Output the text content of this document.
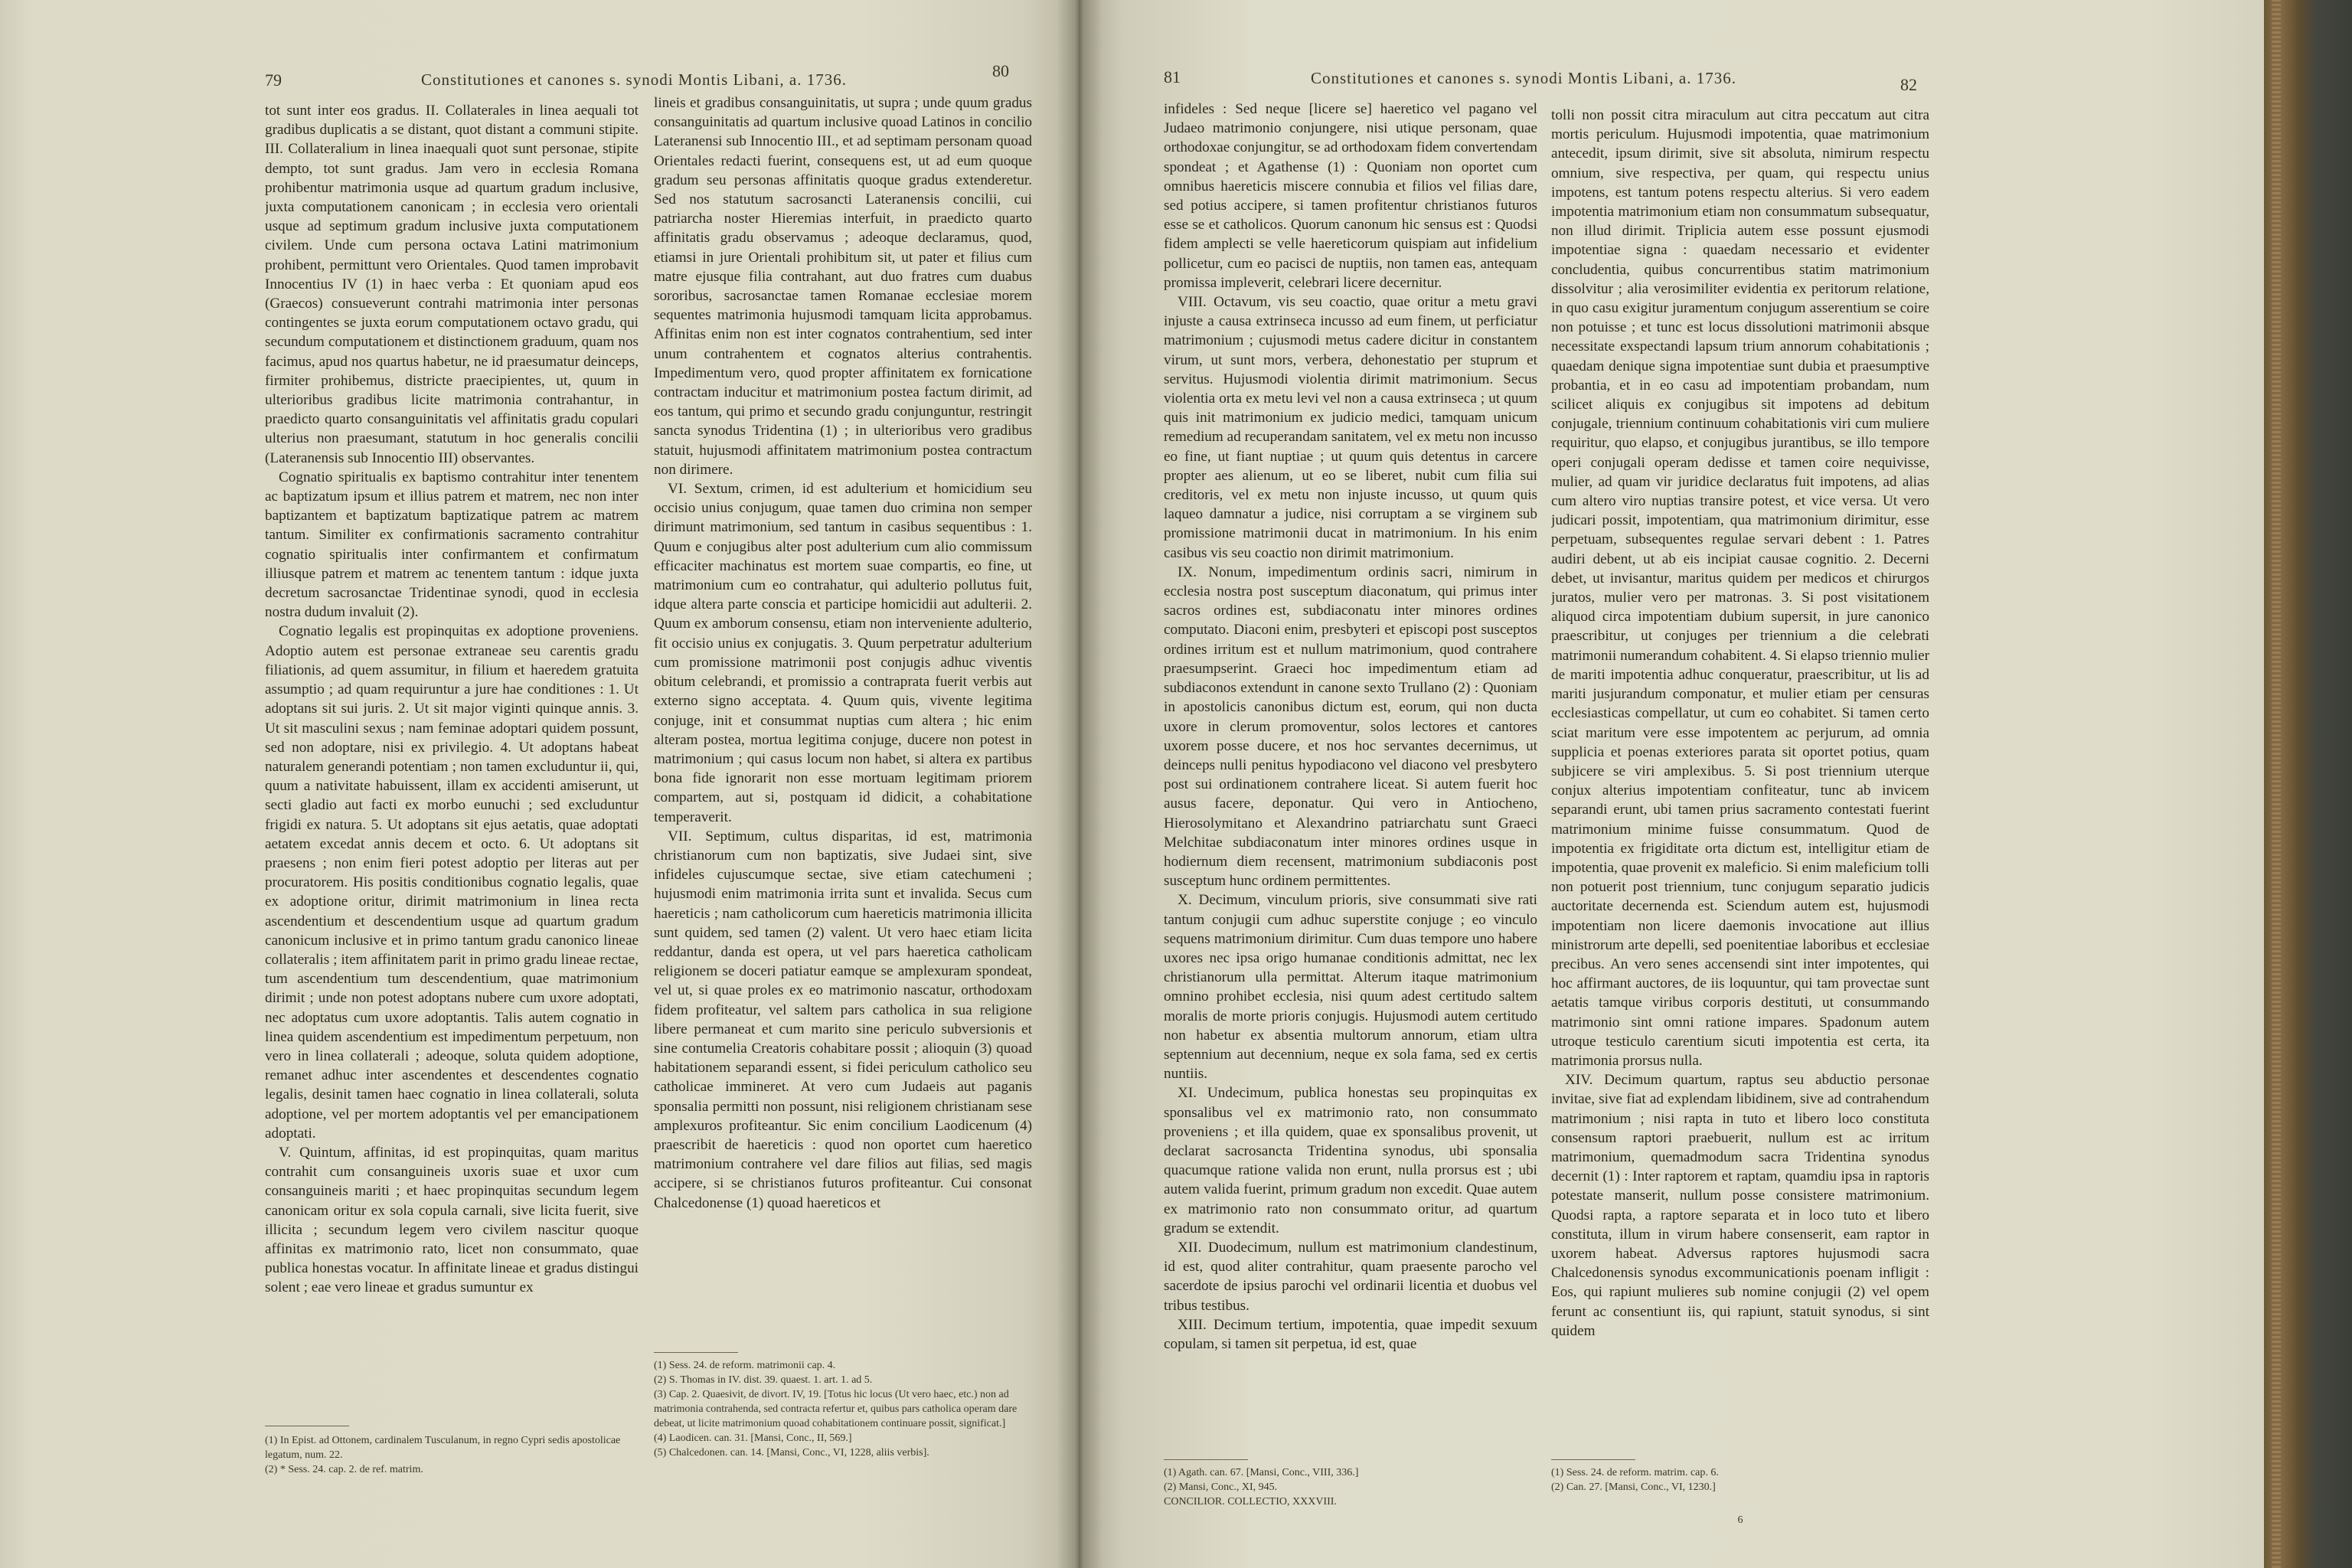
79	Constitutiones et canones s. synodi Montis Libani, a. 1736.	80

tot sunt inter eos gradus. II. Collaterales in linea aequali tot gradibus duplicatis a se distant, quot distant a communi stipite. III. Collateralium in linea inaequali quot sunt personae, stipite dempto, tot sunt gradus. Jam vero in ecclesia Romana prohibentur matrimonia usque ad quartum gradum inclusive, juxta computationem canonicam ; in ecclesia vero orientali usque ad septimum gradum inclusive juxta computationem civilem. Unde cum persona octava Latini matrimonium prohibent, permittunt vero Orientales. Quod tamen improbavit Innocentius IV (1) in haec verba : Et quoniam apud eos (Graecos) consueverunt contrahi matrimonia inter personas contingentes se juxta eorum computationem octavo gradu, qui secundum computationem et distinctionem graduum, quam nos facimus, apud nos quartus habetur, ne id praesumatur deinceps, firmiter prohibemus, districte praecipientes, ut, quum in ulterioribus gradibus licite matrimonia contrahantur, in praedicto quarto consanguinitatis vel affinitatis gradu copulari ulterius non praesumant, statutum in hoc generalis concilii (Lateranensis sub Innocentio III) observantes.

Cognatio spiritualis ex baptismo contrahitur inter tenentem ac baptizatum ipsum et illius patrem et matrem, nec non inter baptizantem et baptizatum baptizatique patrem ac matrem tantum. Similiter ex confirmationis sacramento contrahitur cognatio spiritualis inter confirmantem et confirmatum illiusque patrem et matrem ac tenentem tantum : idque juxta decretum sacrosanctae Tridentinae synodi, quod in ecclesia nostra dudum invaluit (2).

Cognatio legalis est propinquitas ex adoptione proveniens. Adoptio autem est personae extraneae seu carentis gradu filiationis, ad quem assumitur, in filium et haeredem gratuita assumptio ; ad quam requiruntur a jure hae conditiones : 1. Ut adoptans sit sui juris. 2. Ut sit major viginti quinque annis. 3. Ut sit masculini sexus ; nam feminae adoptari quidem possunt, sed non adoptare, nisi ex privilegio. 4. Ut adoptans habeat naturalem generandi potentiam ; non tamen excluduntur ii, qui, quum a nativitate habuissent, illam ex accidenti amiserunt, ut secti gladio aut facti ex morbo eunuchi ; sed excluduntur frigidi ex natura. 5. Ut adoptans sit ejus aetatis, quae adoptati aetatem excedat annis decem et octo. 6. Ut adoptans sit praesens ; non enim fieri potest adoptio per literas aut per procuratorem. His positis conditionibus cognatio legalis, quae ex adoptione oritur, dirimit matrimonium in linea recta ascendentium et descendentium usque ad quartum gradum canonicum inclusive et in primo tantum gradu canonico lineae collateralis ; item affinitatem parit in primo gradu lineae rectae, tum ascendentium tum descendentium, quae matrimonium dirimit ; unde non potest adoptans nubere cum uxore adoptati, nec adoptatus cum uxore adoptantis. Talis autem cognatio in linea quidem ascendentium est impedimentum perpetuum, non vero in linea collaterali ; adeoque, soluta quidem adoptione, remanet adhuc inter ascendentes et descendentes cognatio legalis, desinit tamen haec cognatio in linea collaterali, soluta adoptione, vel per mortem adoptantis vel per emancipationem adoptati.

V. Quintum, affinitas, id est propinquitas, quam maritus contrahit cum consanguineis uxoris suae et uxor cum consanguineis mariti ; et haec propinquitas secundum legem canonicam oritur ex sola copula carnali, sive licita fuerit, sive illicita ; secundum legem vero civilem nascitur quoque affinitas ex matrimonio rato, licet non consummato, quae publica honestas vocatur. In affinitate lineae et gradus distingui solent ; eae vero lineae et gradus sumuntur ex

lineis et gradibus consanguinitatis, ut supra ; unde quum gradus consanguinitatis ad quartum inclusive quoad Latinos in concilio Lateranensi sub Innocentio III., et ad septimam personam quoad Orientales redacti fuerint, consequens est, ut ad eum quoque gradum seu personas affinitatis quoque gradus extenderetur. Sed nos statutum sacrosancti Lateranensis concilii, cui patriarcha noster Hieremias interfuit, in praedicto quarto affinitatis gradu observamus ; adeoque declaramus, quod, etiamsi in jure Orientali prohibitum sit, ut pater et filius cum matre ejusque filia contrahant, aut duo fratres cum duabus sororibus, sacrosanctae tamen Romanae ecclesiae morem sequentes matrimonia hujusmodi tamquam licita approbamus. Affinitas enim non est inter cognatos contrahentium, sed inter unum contrahentem et cognatos alterius contrahentis. Impedimentum vero, quod propter affinitatem ex fornicatione contractam inducitur et matrimonium postea factum dirimit, ad eos tantum, qui primo et secundo gradu conjunguntur, restringit sancta synodus Tridentina (1) ; in ulterioribus vero gradibus statuit, hujusmodi affinitatem matrimonium postea contractum non dirimere.

VI. Sextum, crimen, id est adulterium et homicidium seu occisio unius conjugum, quae tamen duo crimina non semper dirimunt matrimonium, sed tantum in casibus sequentibus : 1. Quum e conjugibus alter post adulterium cum alio commissum efficaciter machinatus est mortem suae compartis, eo fine, ut matrimonium cum eo contrahatur, qui adulterio pollutus fuit, idque altera parte conscia et participe homicidii aut adulterii. 2. Quum ex amborum consensu, etiam non interveniente adulterio, fit occisio unius ex conjugatis. 3. Quum perpetratur adulterium cum promissione matrimonii post conjugis adhuc viventis obitum celebrandi, et promissio a contraprata fuerit verbis aut externo signo acceptata. 4. Quum quis, vivente legitima conjuge, init et consummat nuptias cum altera ; hic enim alteram postea, mortua legitima conjuge, ducere non potest in matrimonium ; qui casus locum non habet, si altera ex partibus bona fide ignorarit non esse mortuam legitimam priorem compartem, aut si, postquam id didicit, a cohabitatione temperaverit.

VII. Septimum, cultus disparitas, id est, matrimonia christianorum cum non baptizatis, sive Judaei sint, sive infideles cujuscumque sectae, sive etiam catechumeni ; hujusmodi enim matrimonia irrita sunt et invalida. Secus cum haereticis ; nam catholicorum cum haereticis matrimonia illicita sunt quidem, sed tamen (2) valent. Ut vero haec etiam licita reddantur, danda est opera, ut vel pars haeretica catholicam religionem se doceri patiatur eamque se amplexuram spondeat, vel ut, si quae proles ex eo matrimonio nascatur, orthodoxam fidem profiteatur, vel saltem pars catholica in sua religione libere permaneat et cum marito sine periculo subversionis et sine contumelia Creatoris cohabitare possit ; alioquin (3) quoad habitationem separandi essent, si fidei periculum catholico seu catholicae immineret. At vero cum Judaeis aut paganis sponsalia permitti non possunt, nisi religionem christianam sese amplexuros profiteantur. Sic enim concilium Laodicenum (4) praescribit de haereticis : quod non oportet cum haeretico matrimonium contrahere vel dare filios aut filias, sed magis accipere, si se christianos futuros profiteantur. Cui consonat Chalcedonense (1) quoad haereticos et

(1) In Epist. ad Ottonem, cardinalem Tusculanum, in regno Cypri sedis apostolicae legatum, num. 22.
(2) * Sess. 24. cap. 2. de ref. matrim.
(1) Sess. 24. de reform. matrimonii cap. 4.
(2) S. Thomas in IV. dist. 39. quaest. 1. art. 1. ad 5.
(3) Cap. 2. Quaesivit, de divort. IV, 19. [Totus hic locus (Ut vero haec, etc.) non ad matrimonia contrahenda, sed contracta refertur et, quibus pars catholica operam dare debeat, ut licite matrimonium quoad cohabitationem continuare possit, significat.]
(4) Laodicen. can. 31. [Mansi, Conc., II, 569.]
(5) Chalcedonen. can. 14. [Mansi, Conc., VI, 1228, aliis verbis].
81	Constitutiones et canones s. synodi Montis Libani, a. 1736.	82

infideles : Sed neque [licere se] haeretico vel pagano vel Judaeo matrimonio conjungere, nisi utique personam, quae orthodoxae conjungitur, se ad orthodoxam fidem convertendam spondeat ; et Agathense (1) : Quoniam non oportet cum omnibus haereticis miscere connubia et filios vel filias dare, sed potius accipere, si tamen profitentur christianos futuros esse se et catholicos. Quorum canonum hic sensus est : Quodsi fidem amplecti se velle haereticorum quispiam aut infidelium pollicetur, cum eo pacisci de nuptiis, non tamen eas, antequam promissa impleverit, celebrari licere decernitur.

VIII. Octavum, vis seu coactio, quae oritur a metu gravi injuste a causa extrinseca incusso ad eum finem, ut perficiatur matrimonium ; cujusmodi metus cadere dicitur in constantem virum, ut sunt mors, verbera, dehonestatio per stuprum et servitus. Hujusmodi violentia dirimit matrimonium. Secus violentia orta ex metu levi vel non a causa extrinseca ; ut quum quis init matrimonium ex judicio medici, tamquam unicum remedium ad recuperandam sanitatem, vel ex metu non incusso eo fine, ut fiant nuptiae ; ut quum quis detentus in carcere propter aes alienum, ut eo se liberet, nubit cum filia sui creditoris, vel ex metu non injuste incusso, ut quum quis laqueo damnatur a judice, nisi corruptam a se virginem sub promissione matrimonii ducat in matrimonium. In his enim casibus vis seu coactio non dirimit matrimonium.

IX. Nonum, impedimentum ordinis sacri, nimirum in ecclesia nostra post susceptum diaconatum, qui primus inter sacros ordines est, subdiaconatu inter minores ordines computato. Diaconi enim, presbyteri et episcopi post susceptos ordines irritum est et nullum matrimonium, quod contrahere praesumpserint. Graeci hoc impedimentum etiam ad subdiaconos extendunt in canone sexto Trullano (2) : Quoniam in apostolicis canonibus dictum est, eorum, qui non ducta uxore in clerum promoventur, solos lectores et cantores uxorem posse ducere, et nos hoc servantes decernimus, ut deinceps nulli penitus hypodiacono vel diacono vel presbytero post sui ordinationem contrahere liceat. Si autem fuerit hoc ausus facere, deponatur. Qui vero in Antiocheno, Hierosolymitano et Alexandrino patriarchatu sunt Graeci Melchitae subdiaconatum inter minores ordines usque in hodiernum diem recensent, matrimonium subdiaconis post susceptum hunc ordinem permittentes.

X. Decimum, vinculum prioris, sive consummati sive rati tantum conjugii cum adhuc superstite conjuge ; eo vinculo sequens matrimonium dirimitur. Cum duas tempore uno habere uxores nec ipsa origo humanae conditionis admittat, nec lex christianorum ulla permittat. Alterum itaque matrimonium omnino prohibet ecclesia, nisi quum adest certitudo saltem moralis de morte prioris conjugis. Hujusmodi autem certitudo non habetur ex absentia multorum annorum, etiam ultra septennium aut decennium, neque ex sola fama, sed ex certis nuntiis.

XI. Undecimum, publica honestas seu propinquitas ex sponsalibus vel ex matrimonio rato, non consummato proveniens ; et illa quidem, quae ex sponsalibus provenit, ut declarat sacrosancta Tridentina synodus, ubi sponsalia quacumque ratione valida non erunt, nulla prorsus est ; ubi autem valida fuerint, primum gradum non excedit. Quae autem ex matrimonio rato non consummato oritur, ad quartum gradum se extendit.

XII. Duodecimum, nullum est matrimonium clandestinum, id est, quod aliter contrahitur, quam praesente parocho vel sacerdote de ipsius parochi vel ordinarii licentia et duobus vel tribus testibus.

XIII. Decimum tertium, impotentia, quae impedit sexuum copulam, si tamen sit perpetua, id est, quae

tolli non possit citra miraculum aut citra peccatum aut citra mortis periculum. Hujusmodi impotentia, quae matrimonium antecedit, ipsum dirimit, sive sit absoluta, nimirum respectu omnium, sive respectiva, per quam, qui respectu unius impotens, est tantum potens respectu alterius. Si vero eadem impotentia matrimonium etiam non consummatum subsequatur, non illud dirimit. Triplicia autem esse possunt ejusmodi impotentiae signa : quaedam necessario et evidenter concludentia, quibus concurrentibus statim matrimonium dissolvitur ; alia verosimiliter evidentia ex peritorum relatione, in quo casu exigitur juramentum conjugum asserentium se coire non potuisse ; et tunc est locus dissolutioni matrimonii absque necessitate exspectandi lapsum trium annorum cohabitationis ; quaedam denique signa impotentiae sunt dubia et praesumptive probantia, et in eo casu ad impotentiam probandam, num scilicet aliquis ex conjugibus sit impotens ad debitum conjugale, triennium continuum cohabitationis viri cum muliere requiritur, quo elapso, et conjugibus jurantibus, se illo tempore operi conjugali operam dedisse et tamen coire nequivisse, mulier, ad quam vir juridice declaratus fuit impotens, ad alias cum altero viro nuptias transire potest, et vice versa. Ut vero judicari possit, impotentiam, qua matrimonium dirimitur, esse perpetuam, subsequentes regulae servari debent : 1. Patres audiri debent, ut ab eis incipiat causae cognitio. 2. Decerni debet, ut invisantur, maritus quidem per medicos et chirurgos juratos, mulier vero per matronas. 3. Si post visitationem aliquod circa impotentiam dubium supersit, in jure canonico praescribitur, ut conjuges per triennium a die celebrati matrimonii numerandum cohabitent. 4. Si elapso triennio mulier de mariti impotentia adhuc conqueratur, praescribitur, ut lis ad mariti jusjurandum componatur, et mulier etiam per censuras ecclesiasticas compellatur, ut cum eo cohabitet. Si tamen certo sciat maritum vere esse impotentem ac perjurum, ad omnia supplicia et poenas exteriores parata sit oportet potius, quam subjicere se viri amplexibus. 5. Si post triennium uterque conjux alterius impotentiam confiteatur, tunc ab invicem separandi erunt, ubi tamen prius sacramento contestati fuerint matrimonium minime fuisse consummatum. Quod de impotentia ex frigiditate orta dictum est, intelligitur etiam de impotentia, quae provenit ex maleficio. Si enim maleficium tolli non potuerit post triennium, tunc conjugum separatio judicis auctoritate decernenda est. Sciendum autem est, hujusmodi impotentiam non licere daemonis invocatione aut illius ministrorum arte depelli, sed poenitentiae laboribus et ecclesiae precibus. An vero senes accensendi sint inter impotentes, qui hoc affirmant auctores, de iis loquuntur, qui tam provectae sunt aetatis tamque viribus corporis destituti, ut consummando matrimonio sint omni ratione impares. Spadonum autem utroque testiculo carentium sicuti impotentia est certa, ita matrimonia prorsus nulla.

XIV. Decimum quartum, raptus seu abductio personae invitae, sive fiat ad explendam libidinem, sive ad contrahendum matrimonium ; nisi rapta in tuto et libero loco constituta consensum raptori praebuerit, nullum est ac irritum matrimonium, quemadmodum sacra Tridentina synodus decernit (1) : Inter raptorem et raptam, quamdiu ipsa in raptoris potestate manserit, nullum posse consistere matrimonium. Quodsi rapta, a raptore separata et in loco tuto et libero constituta, illum in virum habere consenserit, eam raptor in uxorem habeat. Adversus raptores hujusmodi sacra Chalcedonensis synodus excommunicationis poenam infligit : Eos, qui rapiunt mulieres sub nomine conjugii (2) vel opem ferunt ac consentiunt iis, qui rapiunt, statuit synodus, si sint quidem

(1) Agath. can. 67. [Mansi, Conc., VIII, 336.]
(2) Mansi, Conc., XI, 945.
CONCILIOR. COLLECTIO, XXXVIII.
(1) Sess. 24. de reform. matrim. cap. 6.
(2) Can. 27. [Mansi, Conc., VI, 1230.]
6
